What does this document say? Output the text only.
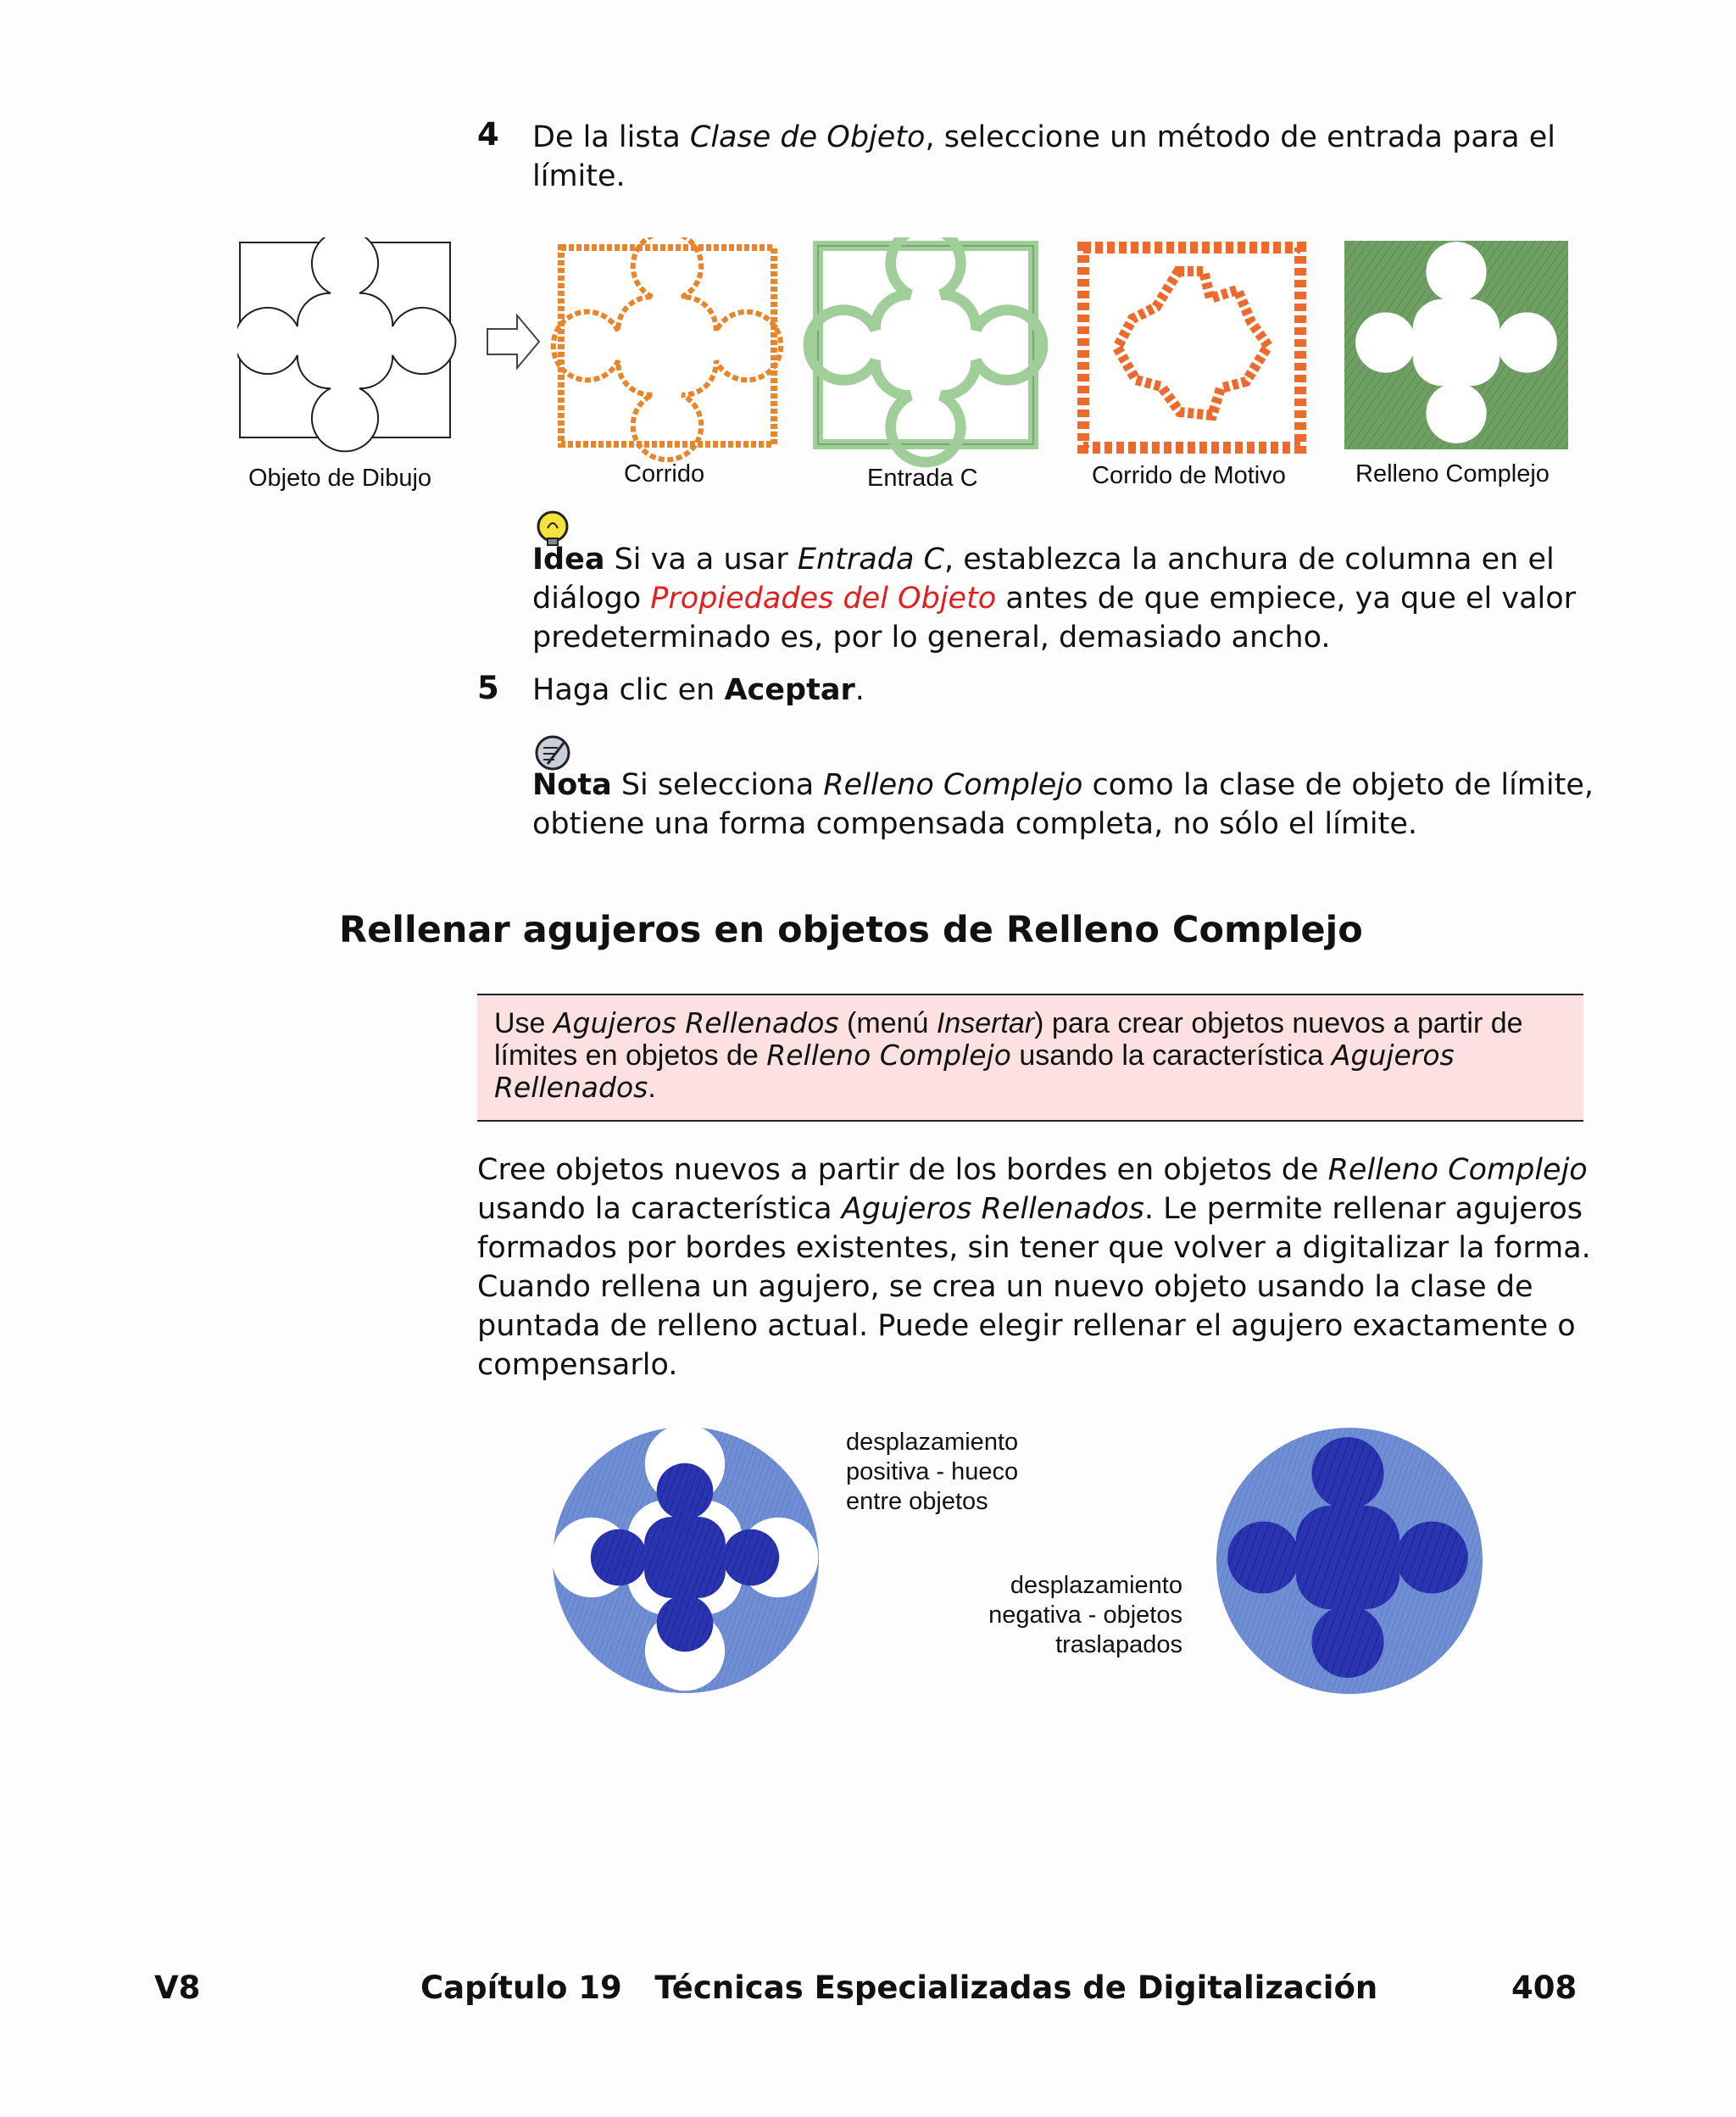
4 De la lista Clase de Objeto, seleccione un método de entrada para el
límite.
Objeto de Dibujo	Corrido	Entrada C	Corrido de Motivo	Relleno Complejo
Idea Si va a usar Entrada C, establezca la anchura de columna en el
diálogo Propiedades del Objeto antes de que empiece, ya que el valor
predeterminado es, por lo general, demasiado ancho.
5 Haga clic en Aceptar.
Nota Si selecciona Relleno Complejo como la clase de objeto de límite,
obtiene una forma compensada completa, no sólo el límite.
Rellenar agujeros en objetos de Relleno Complejo
Use Agujeros Rellenados (menú Insertar) para crear objetos nuevos a partir de
límites en objetos de Relleno Complejo usando la característica Agujeros
Rellenados.
Cree objetos nuevos a partir de los bordes en objetos de Relleno Complejo
usando la característica Agujeros Rellenados. Le permite rellenar agujeros
formados por bordes existentes, sin tener que volver a digitalizar la forma.
Cuando rellena un agujero, se crea un nuevo objeto usando la clase de
puntada de relleno actual. Puede elegir rellenar el agujero exactamente o
compensarlo.
desplazamiento
positiva - hueco
entre objetos
desplazamiento
negativa - objetos
traslapados
V8	Capítulo 19   Técnicas Especializadas de Digitalización	408
